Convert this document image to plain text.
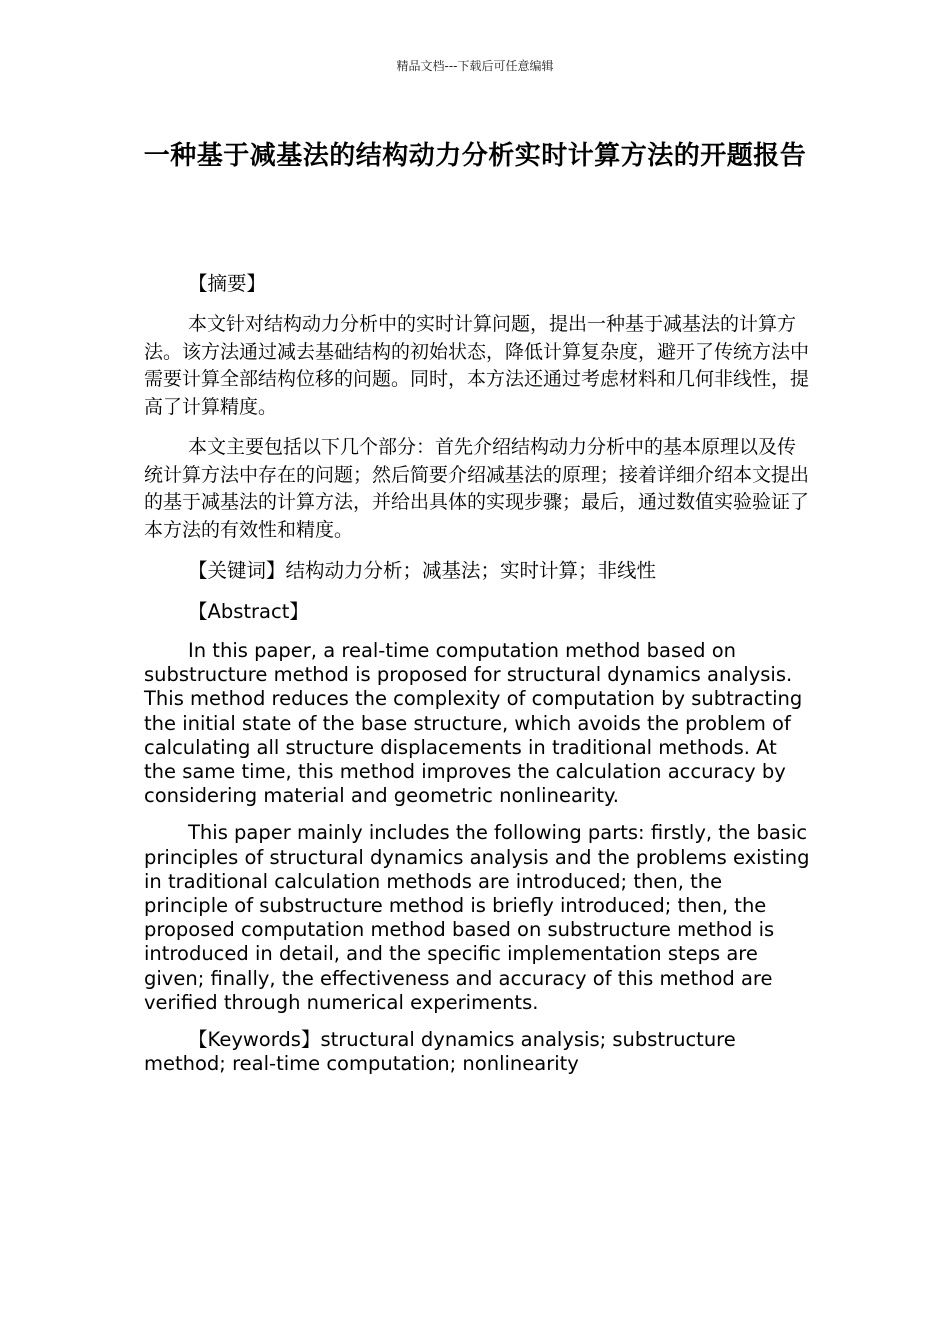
精品文档---下载后可任意编辑
一种基于减基法的结构动力分析实时计算方法的开题报告

【摘要】

本文针对结构动力分析中的实时计算问题，提出一种基于减基法的计算方法。该方法通过减去基础结构的初始状态，降低计算复杂度，避开了传统方法中需要计算全部结构位移的问题。同时，本方法还通过考虑材料和几何非线性，提高了计算精度。

本文主要包括以下几个部分：首先介绍结构动力分析中的基本原理以及传统计算方法中存在的问题；然后简要介绍减基法的原理；接着详细介绍本文提出的基于减基法的计算方法，并给出具体的实现步骤；最后，通过数值实验验证了本方法的有效性和精度。

【关键词】结构动力分析；减基法；实时计算；非线性

【Abstract】

In this paper, a real-time computation method based on substructure method is proposed for structural dynamics analysis. This method reduces the complexity of computation by subtracting the initial state of the base structure, which avoids the problem of calculating all structure displacements in traditional methods. At the same time, this method improves the calculation accuracy by considering material and geometric nonlinearity.

This paper mainly includes the following parts: firstly, the basic principles of structural dynamics analysis and the problems existing in traditional calculation methods are introduced; then, the principle of substructure method is briefly introduced; then, the proposed computation method based on substructure method is introduced in detail, and the specific implementation steps are given; finally, the effectiveness and accuracy of this method are verified through numerical experiments.

【Keywords】structural dynamics analysis; substructure method; real-time computation; nonlinearity
